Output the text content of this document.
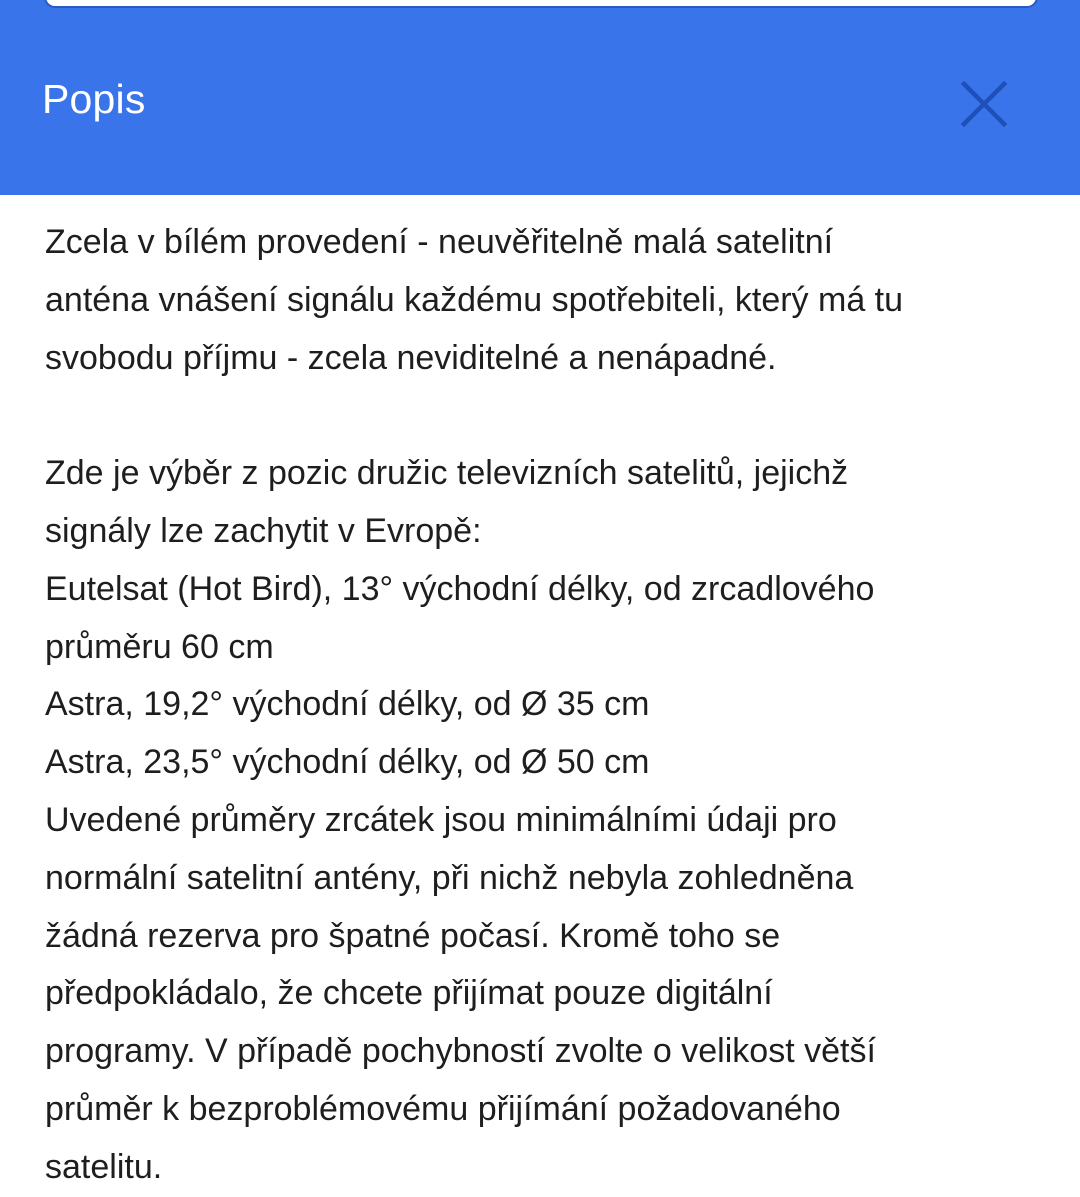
Popis

Zcela v bílém provedení - neuvěřitelně malá satelitní
anténa vnášení signálu každému spotřebiteli, který má tu
svobodu příjmu - zcela neviditelné a nenápadné.

Zde je výběr z pozic družic televizních satelitů, jejichž
signály lze zachytit v Evropě:
Eutelsat (Hot Bird), 13° východní délky, od zrcadlového
průměru 60 cm
Astra, 19,2° východní délky, od Ø 35 cm
Astra, 23,5° východní délky, od Ø 50 cm
Uvedené průměry zrcátek jsou minimálními údaji pro
normální satelitní antény, při nichž nebyla zohledněna
žádná rezerva pro špatné počasí. Kromě toho se
předpokládalo, že chcete přijímat pouze digitální
programy. V případě pochybností zvolte o velikost větší
průměr k bezproblémovému přijímání požadovaného
satelitu.
